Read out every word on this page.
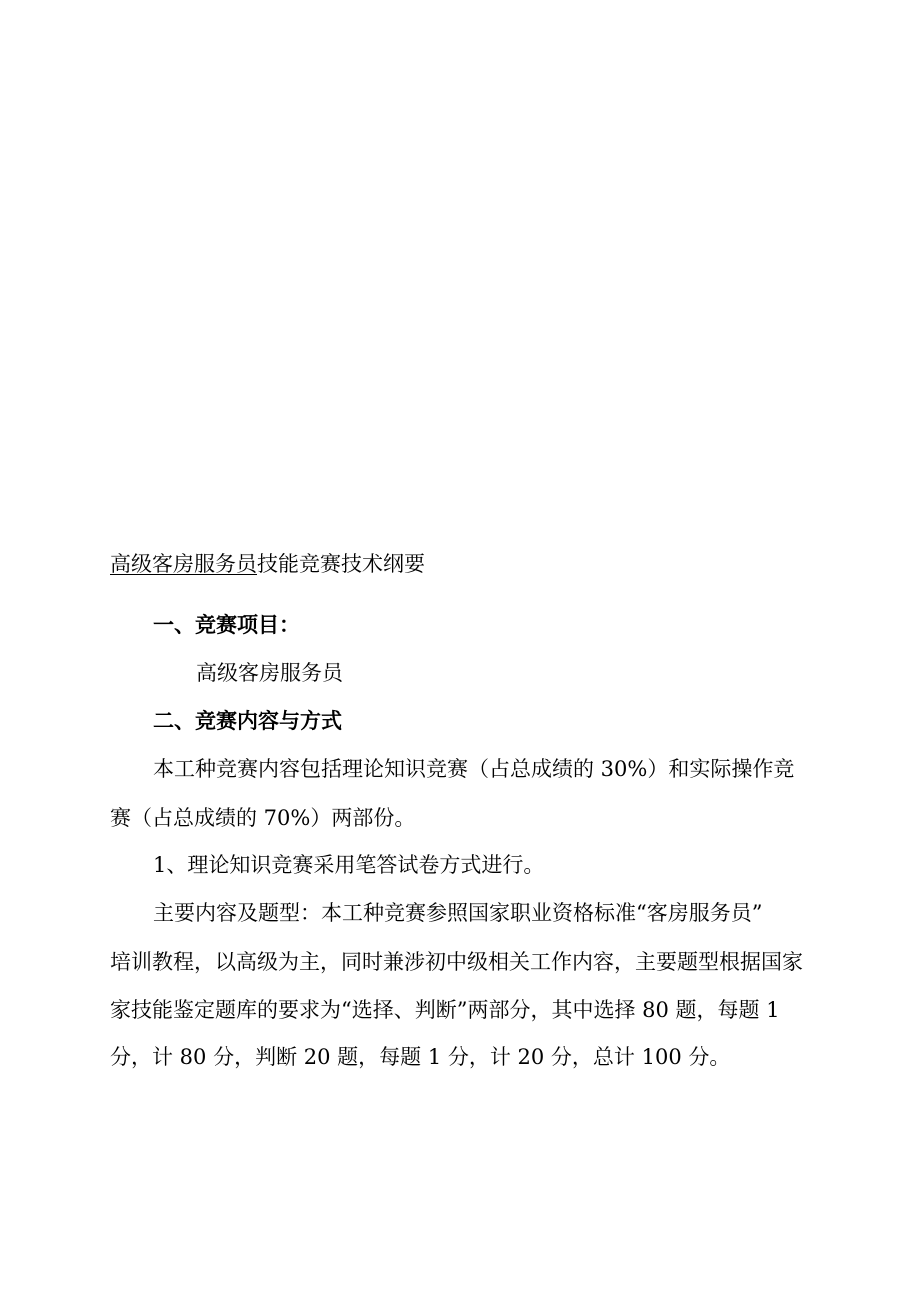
高级客房服务员技能竞赛技术纲要
一、竞赛项目：
高级客房服务员
二、竞赛内容与方式
本工种竞赛内容包括理论知识竞赛（占总成绩的 30%）和实际操作竞
赛（占总成绩的 70%）两部份。
1、理论知识竞赛采用笔答试卷方式进行。
主要内容及题型：本工种竞赛参照国家职业资格标准“客房服务员”
培训教程，以高级为主，同时兼涉初中级相关工作内容，主要题型根据国家
家技能鉴定题库的要求为“选择、判断”两部分，其中选择 80 题，每题 1
分，计 80 分，判断 20 题，每题 1 分，计 20 分，总计 100 分。
